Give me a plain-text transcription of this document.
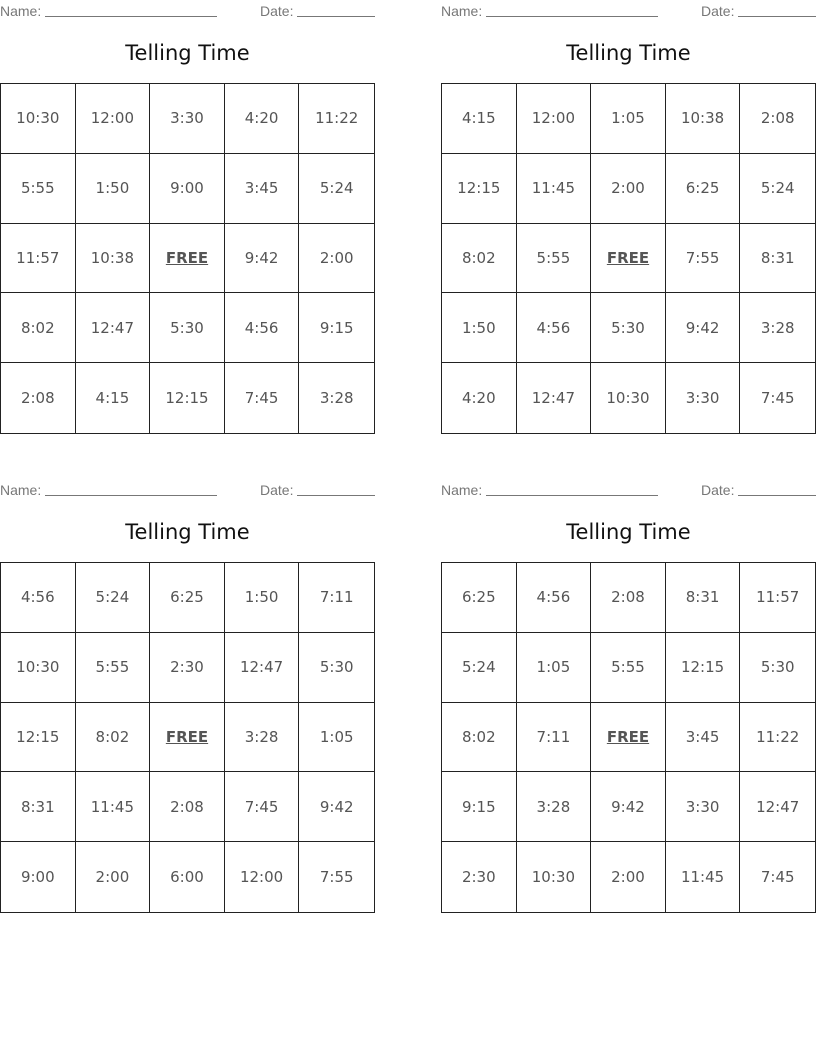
Name:	Date:
Telling Time
10:30	12:00	3:30	4:20	11:22
5:55	1:50	9:00	3:45	5:24
11:57	10:38	FREE	9:42	2:00
8:02	12:47	5:30	4:56	9:15
2:08	4:15	12:15	7:45	3:28
Name:	Date:
Telling Time
4:15	12:00	1:05	10:38	2:08
12:15	11:45	2:00	6:25	5:24
8:02	5:55	FREE	7:55	8:31
1:50	4:56	5:30	9:42	3:28
4:20	12:47	10:30	3:30	7:45
Name:	Date:
Telling Time
4:56	5:24	6:25	1:50	7:11
10:30	5:55	2:30	12:47	5:30
12:15	8:02	FREE	3:28	1:05
8:31	11:45	2:08	7:45	9:42
9:00	2:00	6:00	12:00	7:55
Name:	Date:
Telling Time
6:25	4:56	2:08	8:31	11:57
5:24	1:05	5:55	12:15	5:30
8:02	7:11	FREE	3:45	11:22
9:15	3:28	9:42	3:30	12:47
2:30	10:30	2:00	11:45	7:45
